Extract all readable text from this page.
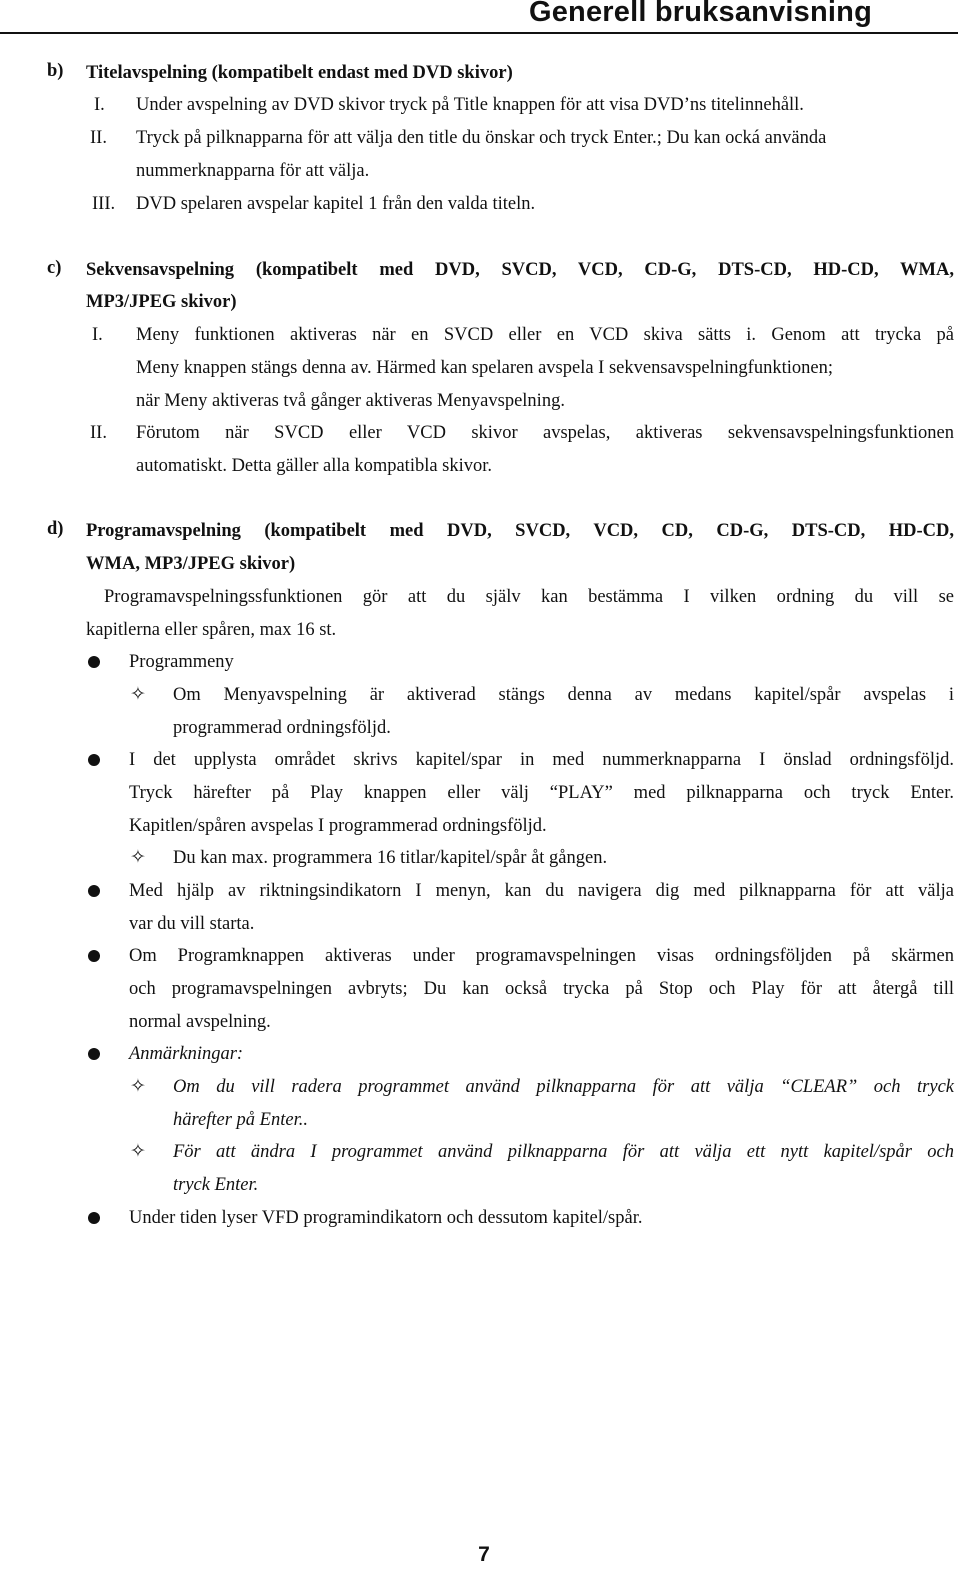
Generell bruksanvisning
b) Titelavspelning (kompatibelt endast med DVD skivor)
I. Under avspelning av DVD skivor tryck på Title knappen för att visa DVD’ns titelinnehåll.
II. Tryck på pilknapparna för att välja den title du önskar och tryck Enter.; Du kan ocká använda
nummerknapparna för att välja.
III. DVD spelaren avspelar kapitel 1 från den valda titeln.
c) Sekvensavspelning (kompatibelt med DVD, SVCD, VCD, CD-G, DTS-CD, HD-CD, WMA,
MP3/JPEG skivor)
I. Meny funktionen aktiveras när en SVCD eller en VCD skiva sätts i. Genom att trycka på
Meny knappen stängs denna av. Härmed kan spelaren avspela I sekvensavspelningfunktionen;
när Meny aktiveras två gånger aktiveras Menyavspelning.
II. Förutom när SVCD eller VCD skivor avspelas, aktiveras sekvensavspelningsfunktionen
automatiskt. Detta gäller alla kompatibla skivor.
d) Programavspelning (kompatibelt med DVD, SVCD, VCD, CD, CD-G, DTS-CD, HD-CD,
WMA, MP3/JPEG skivor)
Programavspelningssfunktionen gör att du själv kan bestämma I vilken ordning du vill se
kapitlerna eller spåren, max 16 st.
Programmeny
✧ Om Menyavspelning är aktiverad stängs denna av medans kapitel/spår avspelas i
programmerad ordningsföljd.
I det upplysta området skrivs kapitel/spar in med nummerknapparna I önslad ordningsföljd.
Tryck härefter på Play knappen eller välj “PLAY” med pilknapparna och tryck Enter.
Kapitlen/spåren avspelas I programmerad ordningsföljd.
✧ Du kan max. programmera 16 titlar/kapitel/spår åt gången.
Med hjälp av riktningsindikatorn I menyn, kan du navigera dig med pilknapparna för att välja
var du vill starta.
Om Programknappen aktiveras under programavspelningen visas ordningsföljden på skärmen
och programavspelningen avbryts; Du kan också trycka på Stop och Play för att återgå till
normal avspelning.
Anmärkningar:
✧ Om du vill radera programmet använd pilknapparna för att välja “CLEAR” och tryck
härefter på Enter..
✧ För att ändra I programmet använd pilknapparna för att välja ett nytt kapitel/spår och
tryck Enter.
Under tiden lyser VFD programindikatorn och dessutom kapitel/spår.
7
